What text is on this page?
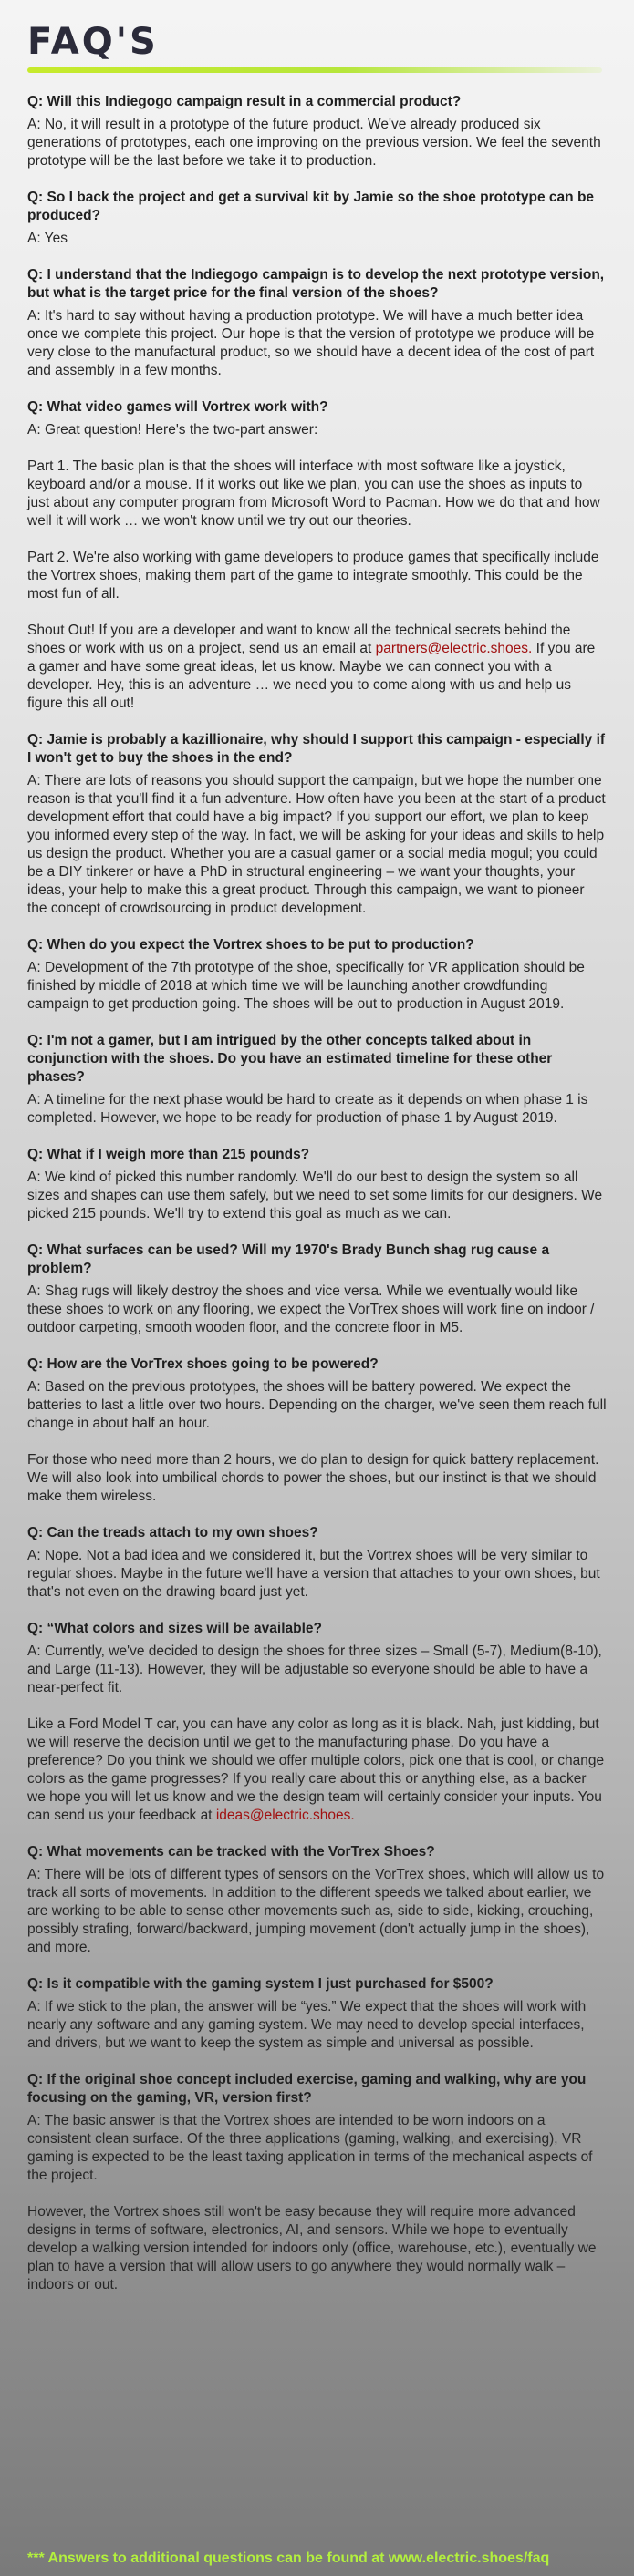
FAQ'S
Q: Will this Indiegogo campaign result in a commercial product?
A: No, it will result in a prototype of the future product. We've already produced six generations of prototypes, each one improving on the previous version. We feel the seventh prototype will be the last before we take it to production.
Q: So I back the project and get a survival kit by Jamie so the shoe prototype can be produced?
A: Yes
Q: I understand that the Indiegogo campaign is to develop the next prototype version, but what is the target price for the final version of the shoes?
A: It's hard to say without having a production prototype. We will have a much better idea once we complete this project. Our hope is that the version of prototype we produce will be very close to the manufactural product, so we should have a decent idea of the cost of part and assembly in a few months.
Q: What video games will Vortrex work with?
A: Great question! Here's the two-part answer:
Part 1. The basic plan is that the shoes will interface with most software like a joystick, keyboard and/or a mouse. If it works out like we plan, you can use the shoes as inputs to just about any computer program from Microsoft Word to Pacman. How we do that and how well it will work … we won't know until we try out our theories.
Part 2. We're also working with game developers to produce games that specifically include the Vortrex shoes, making them part of the game to integrate smoothly. This could be the most fun of all.
Shout Out! If you are a developer and want to know all the technical secrets behind the shoes or work with us on a project, send us an email at partners@electric.shoes. If you are a gamer and have some great ideas, let us know. Maybe we can connect you with a developer. Hey, this is an adventure … we need you to come along with us and help us figure this all out!
Q: Jamie is probably a kazillionaire, why should I support this campaign - especially if I won't get to buy the shoes in the end?
A: There are lots of reasons you should support the campaign, but we hope the number one reason is that you'll find it a fun adventure. How often have you been at the start of a product development effort that could have a big impact? If you support our effort, we plan to keep you informed every step of the way. In fact, we will be asking for your ideas and skills to help us design the product. Whether you are a casual gamer or a social media mogul; you could be a DIY tinkerer or have a PhD in structural engineering – we want your thoughts, your ideas, your help to make this a great product. Through this campaign, we want to pioneer the concept of crowdsourcing in product development.
Q: When do you expect the Vortrex shoes to be put to production?
A: Development of the 7th prototype of the shoe, specifically for VR application should be finished by middle of 2018 at which time we will be launching another crowdfunding campaign to get production going. The shoes will be out to production in August 2019.
Q: I'm not a gamer, but I am intrigued by the other concepts talked about in conjunction with the shoes. Do you have an estimated timeline for these other phases?
A: A timeline for the next phase would be hard to create as it depends on when phase 1 is completed. However, we hope to be ready for production of phase 1 by August 2019.
Q: What if I weigh more than 215 pounds?
A: We kind of picked this number randomly. We'll do our best to design the system so all sizes and shapes can use them safely, but we need to set some limits for our designers. We picked 215 pounds. We'll try to extend this goal as much as we can.
Q: What surfaces can be used? Will my 1970's Brady Bunch shag rug cause a problem?
A: Shag rugs will likely destroy the shoes and vice versa. While we eventually would like these shoes to work on any flooring, we expect the VorTrex shoes will work fine on indoor / outdoor carpeting, smooth wooden floor, and the concrete floor in M5.
Q: How are the VorTrex shoes going to be powered?
A: Based on the previous prototypes, the shoes will be battery powered. We expect the batteries to last a little over two hours. Depending on the charger, we've seen them reach full change in about half an hour.
For those who need more than 2 hours, we do plan to design for quick battery replacement. We will also look into umbilical chords to power the shoes, but our instinct is that we should make them wireless.
Q: Can the treads attach to my own shoes?
A: Nope. Not a bad idea and we considered it, but the Vortrex shoes will be very similar to regular shoes. Maybe in the future we'll have a version that attaches to your own shoes, but that's not even on the drawing board just yet.
Q: “What colors and sizes will be available?
A: Currently, we've decided to design the shoes for three sizes – Small (5-7), Medium(8-10), and Large (11-13). However, they will be adjustable so everyone should be able to have a near-perfect fit.
Like a Ford Model T car, you can have any color as long as it is black. Nah, just kidding, but we will reserve the decision until we get to the manufacturing phase. Do you have a preference? Do you think we should we offer multiple colors, pick one that is cool, or change colors as the game progresses? If you really care about this or anything else, as a backer we hope you will let us know and we the design team will certainly consider your inputs. You can send us your feedback at ideas@electric.shoes.
Q: What movements can be tracked with the VorTrex Shoes?
A: There will be lots of different types of sensors on the VorTrex shoes, which will allow us to track all sorts of movements. In addition to the different speeds we talked about earlier, we are working to be able to sense other movements such as, side to side, kicking, crouching, possibly strafing, forward/backward, jumping movement (don't actually jump in the shoes), and more.
Q: Is it compatible with the gaming system I just purchased for $500?
A: If we stick to the plan, the answer will be “yes.” We expect that the shoes will work with nearly any software and any gaming system. We may need to develop special interfaces, and drivers, but we want to keep the system as simple and universal as possible.
Q: If the original shoe concept included exercise, gaming and walking, why are you focusing on the gaming, VR, version first?
A: The basic answer is that the Vortrex shoes are intended to be worn indoors on a consistent clean surface. Of the three applications (gaming, walking, and exercising), VR gaming is expected to be the least taxing application in terms of the mechanical aspects of the project.
However, the Vortrex shoes still won't be easy because they will require more advanced designs in terms of software, electronics, AI, and sensors. While we hope to eventually develop a walking version intended for indoors only (office, warehouse, etc.), eventually we plan to have a version that will allow users to go anywhere they would normally walk – indoors or out.
*** Answers to additional questions can be found at www.electric.shoes/faq
